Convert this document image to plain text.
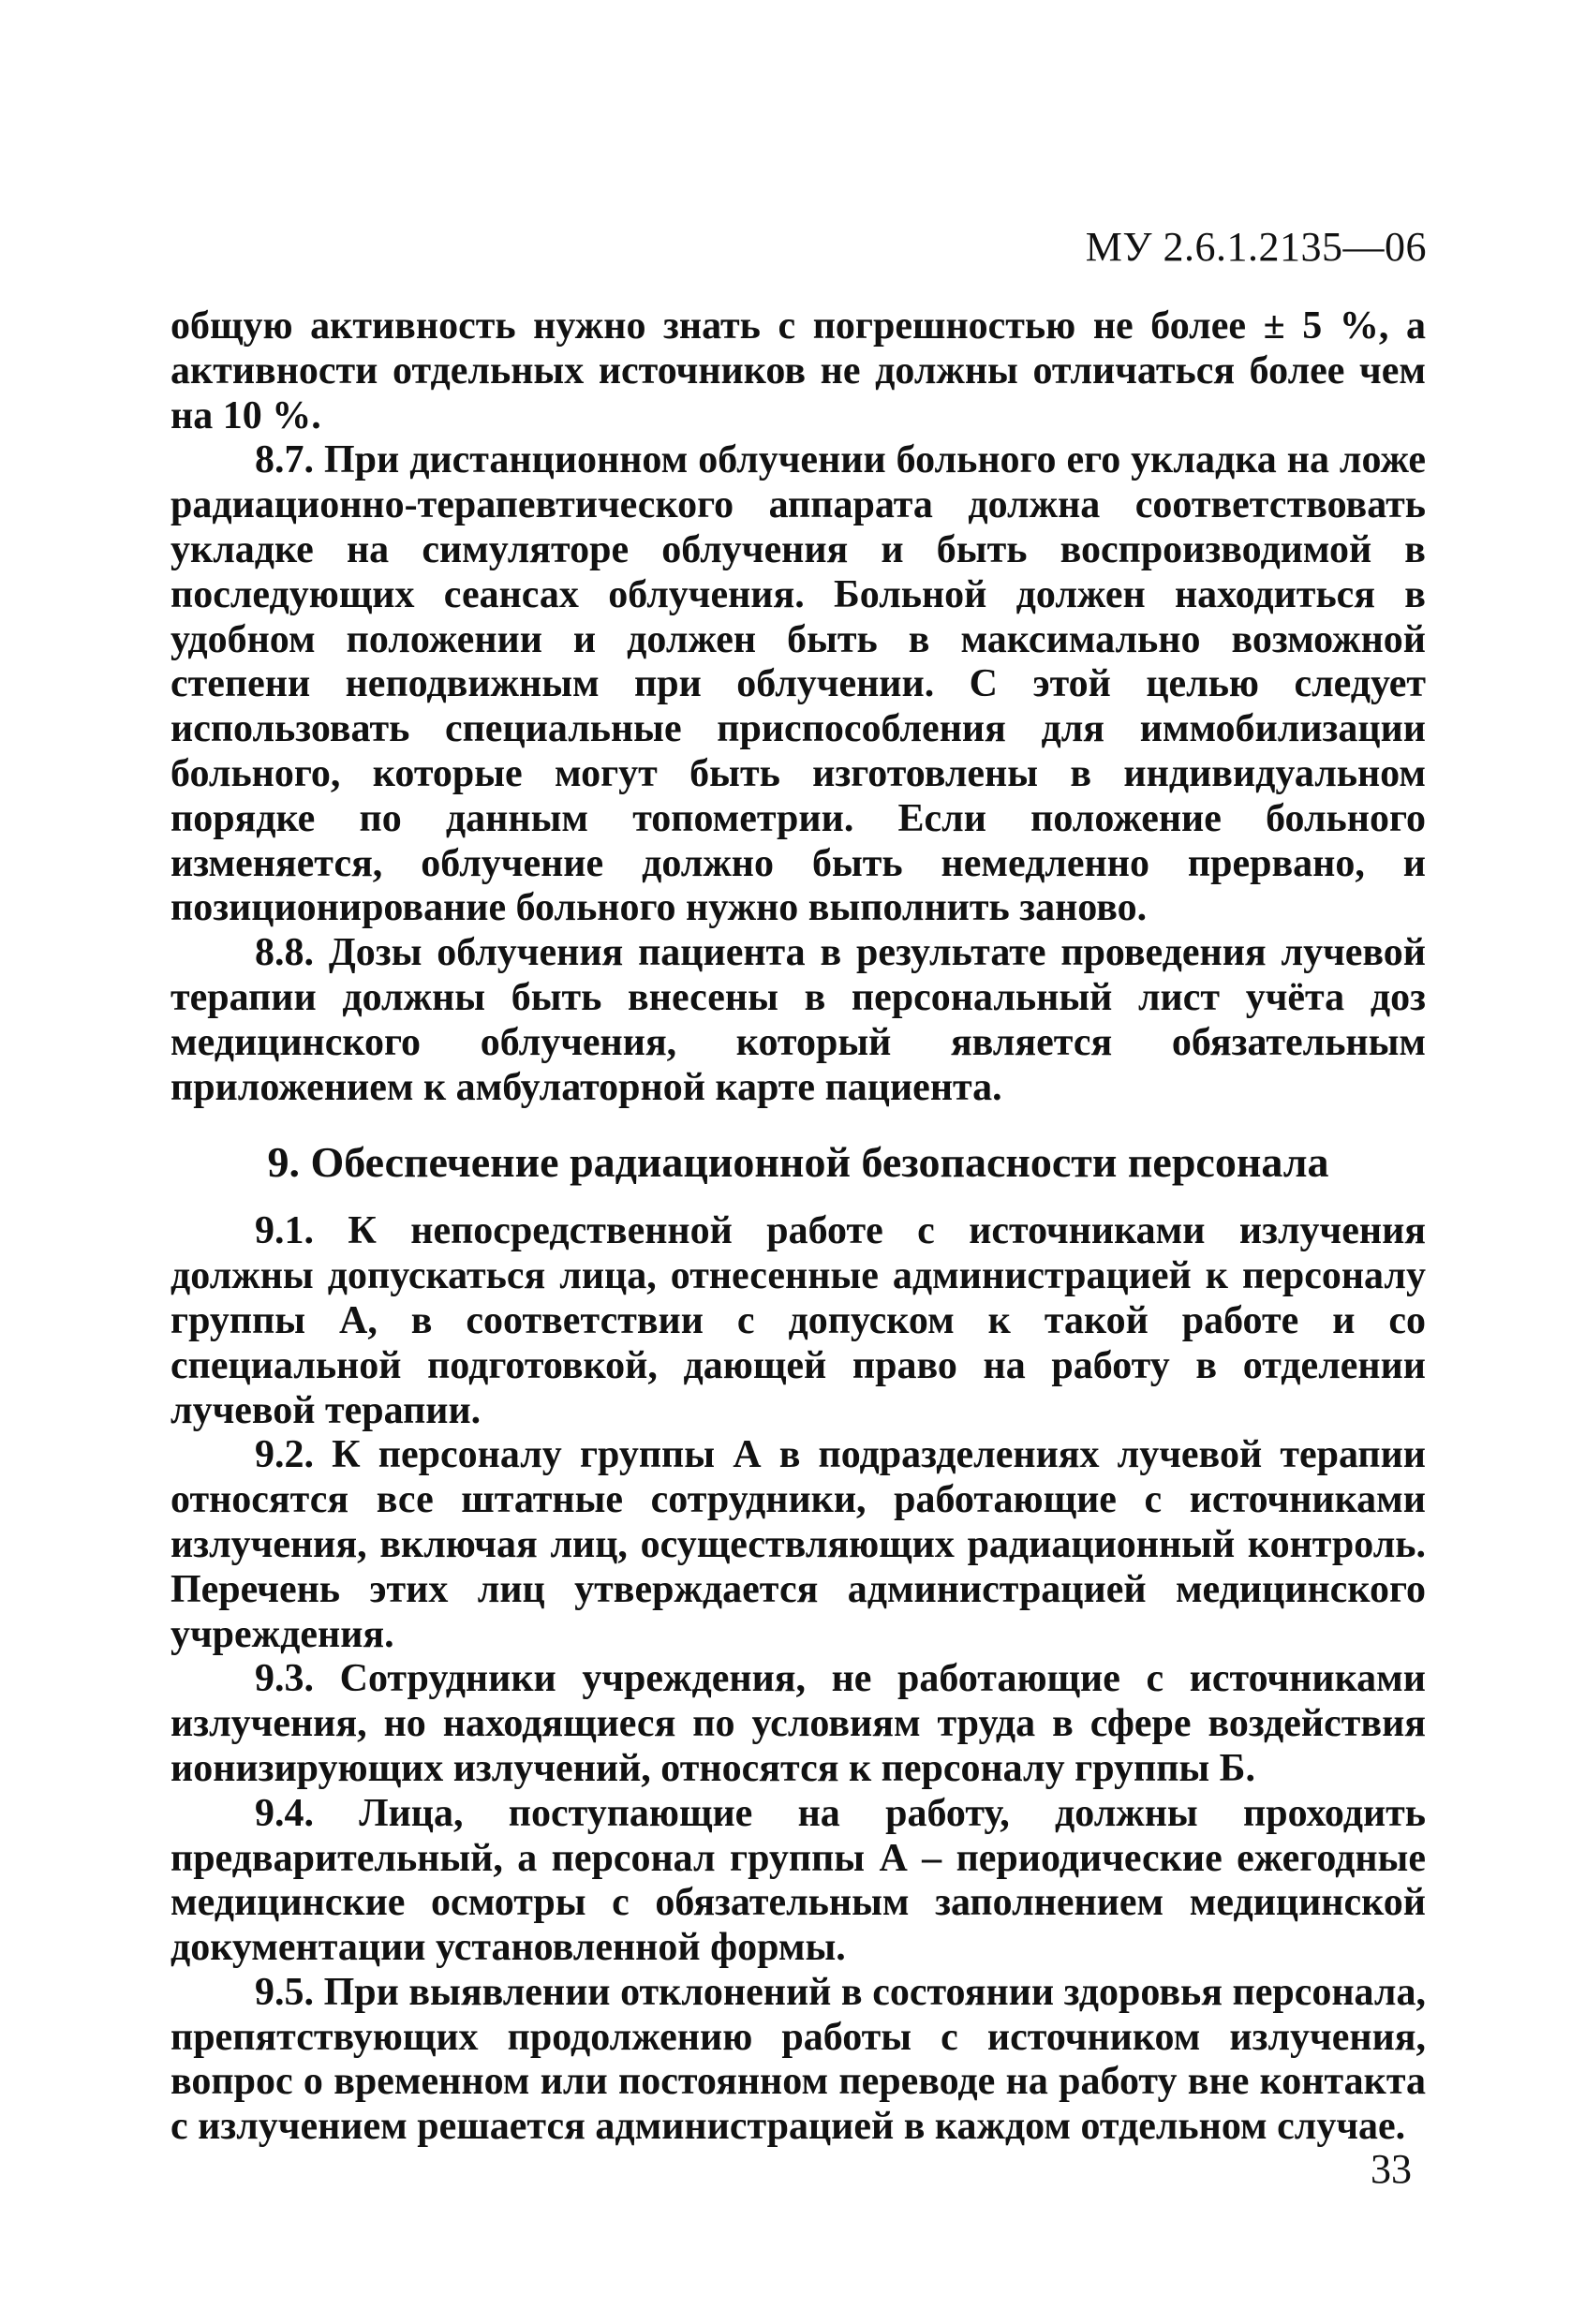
МУ 2.6.1.2135—06

общую активность нужно знать с погрешностью не более ± 5 %, а активности отдельных источников не должны отличаться более чем на 10 %.

8.7. При дистанционном облучении больного его укладка на ложе радиационно-терапевтического аппарата должна соответствовать укладке на симуляторе облучения и быть воспроизводимой в последующих сеансах облучения. Больной должен находиться в удобном положении и должен быть в максимально возможной степени неподвижным при облучении. С этой целью следует использовать специальные приспособления для иммобилизации больного, которые могут быть изготовлены в индивидуальном порядке по данным топометрии. Если положение больного изменяется, облучение должно быть немедленно прервано, и позиционирование больного нужно выполнить заново.

8.8. Дозы облучения пациента в результате проведения лучевой терапии должны быть внесены в персональный лист учёта доз медицинского облучения, который является обязательным приложением к амбулаторной карте пациента.

9. Обеспечение радиационной безопасности персонала

9.1. К непосредственной работе с источниками излучения должны допускаться лица, отнесенные администрацией к персоналу группы А, в соответствии с допуском к такой работе и со специальной подготовкой, дающей право на работу в отделении лучевой терапии.

9.2. К персоналу группы А в подразделениях лучевой терапии относятся все штатные сотрудники, работающие с источниками излучения, включая лиц, осуществляющих радиационный контроль. Перечень этих лиц утверждается администрацией медицинского учреждения.

9.3. Сотрудники учреждения, не работающие с источниками излучения, но находящиеся по условиям труда в сфере воздействия ионизирующих излучений, относятся к персоналу группы Б.

9.4. Лица, поступающие на работу, должны проходить предварительный, а персонал группы А – периодические ежегодные медицинские осмотры с обязательным заполнением медицинской документации установленной формы.

9.5. При выявлении отклонений в состоянии здоровья персонала, препятствующих продолжению работы с источником излучения, вопрос о временном или постоянном переводе на работу вне контакта с излучением решается администрацией в каждом отдельном случае.

33
